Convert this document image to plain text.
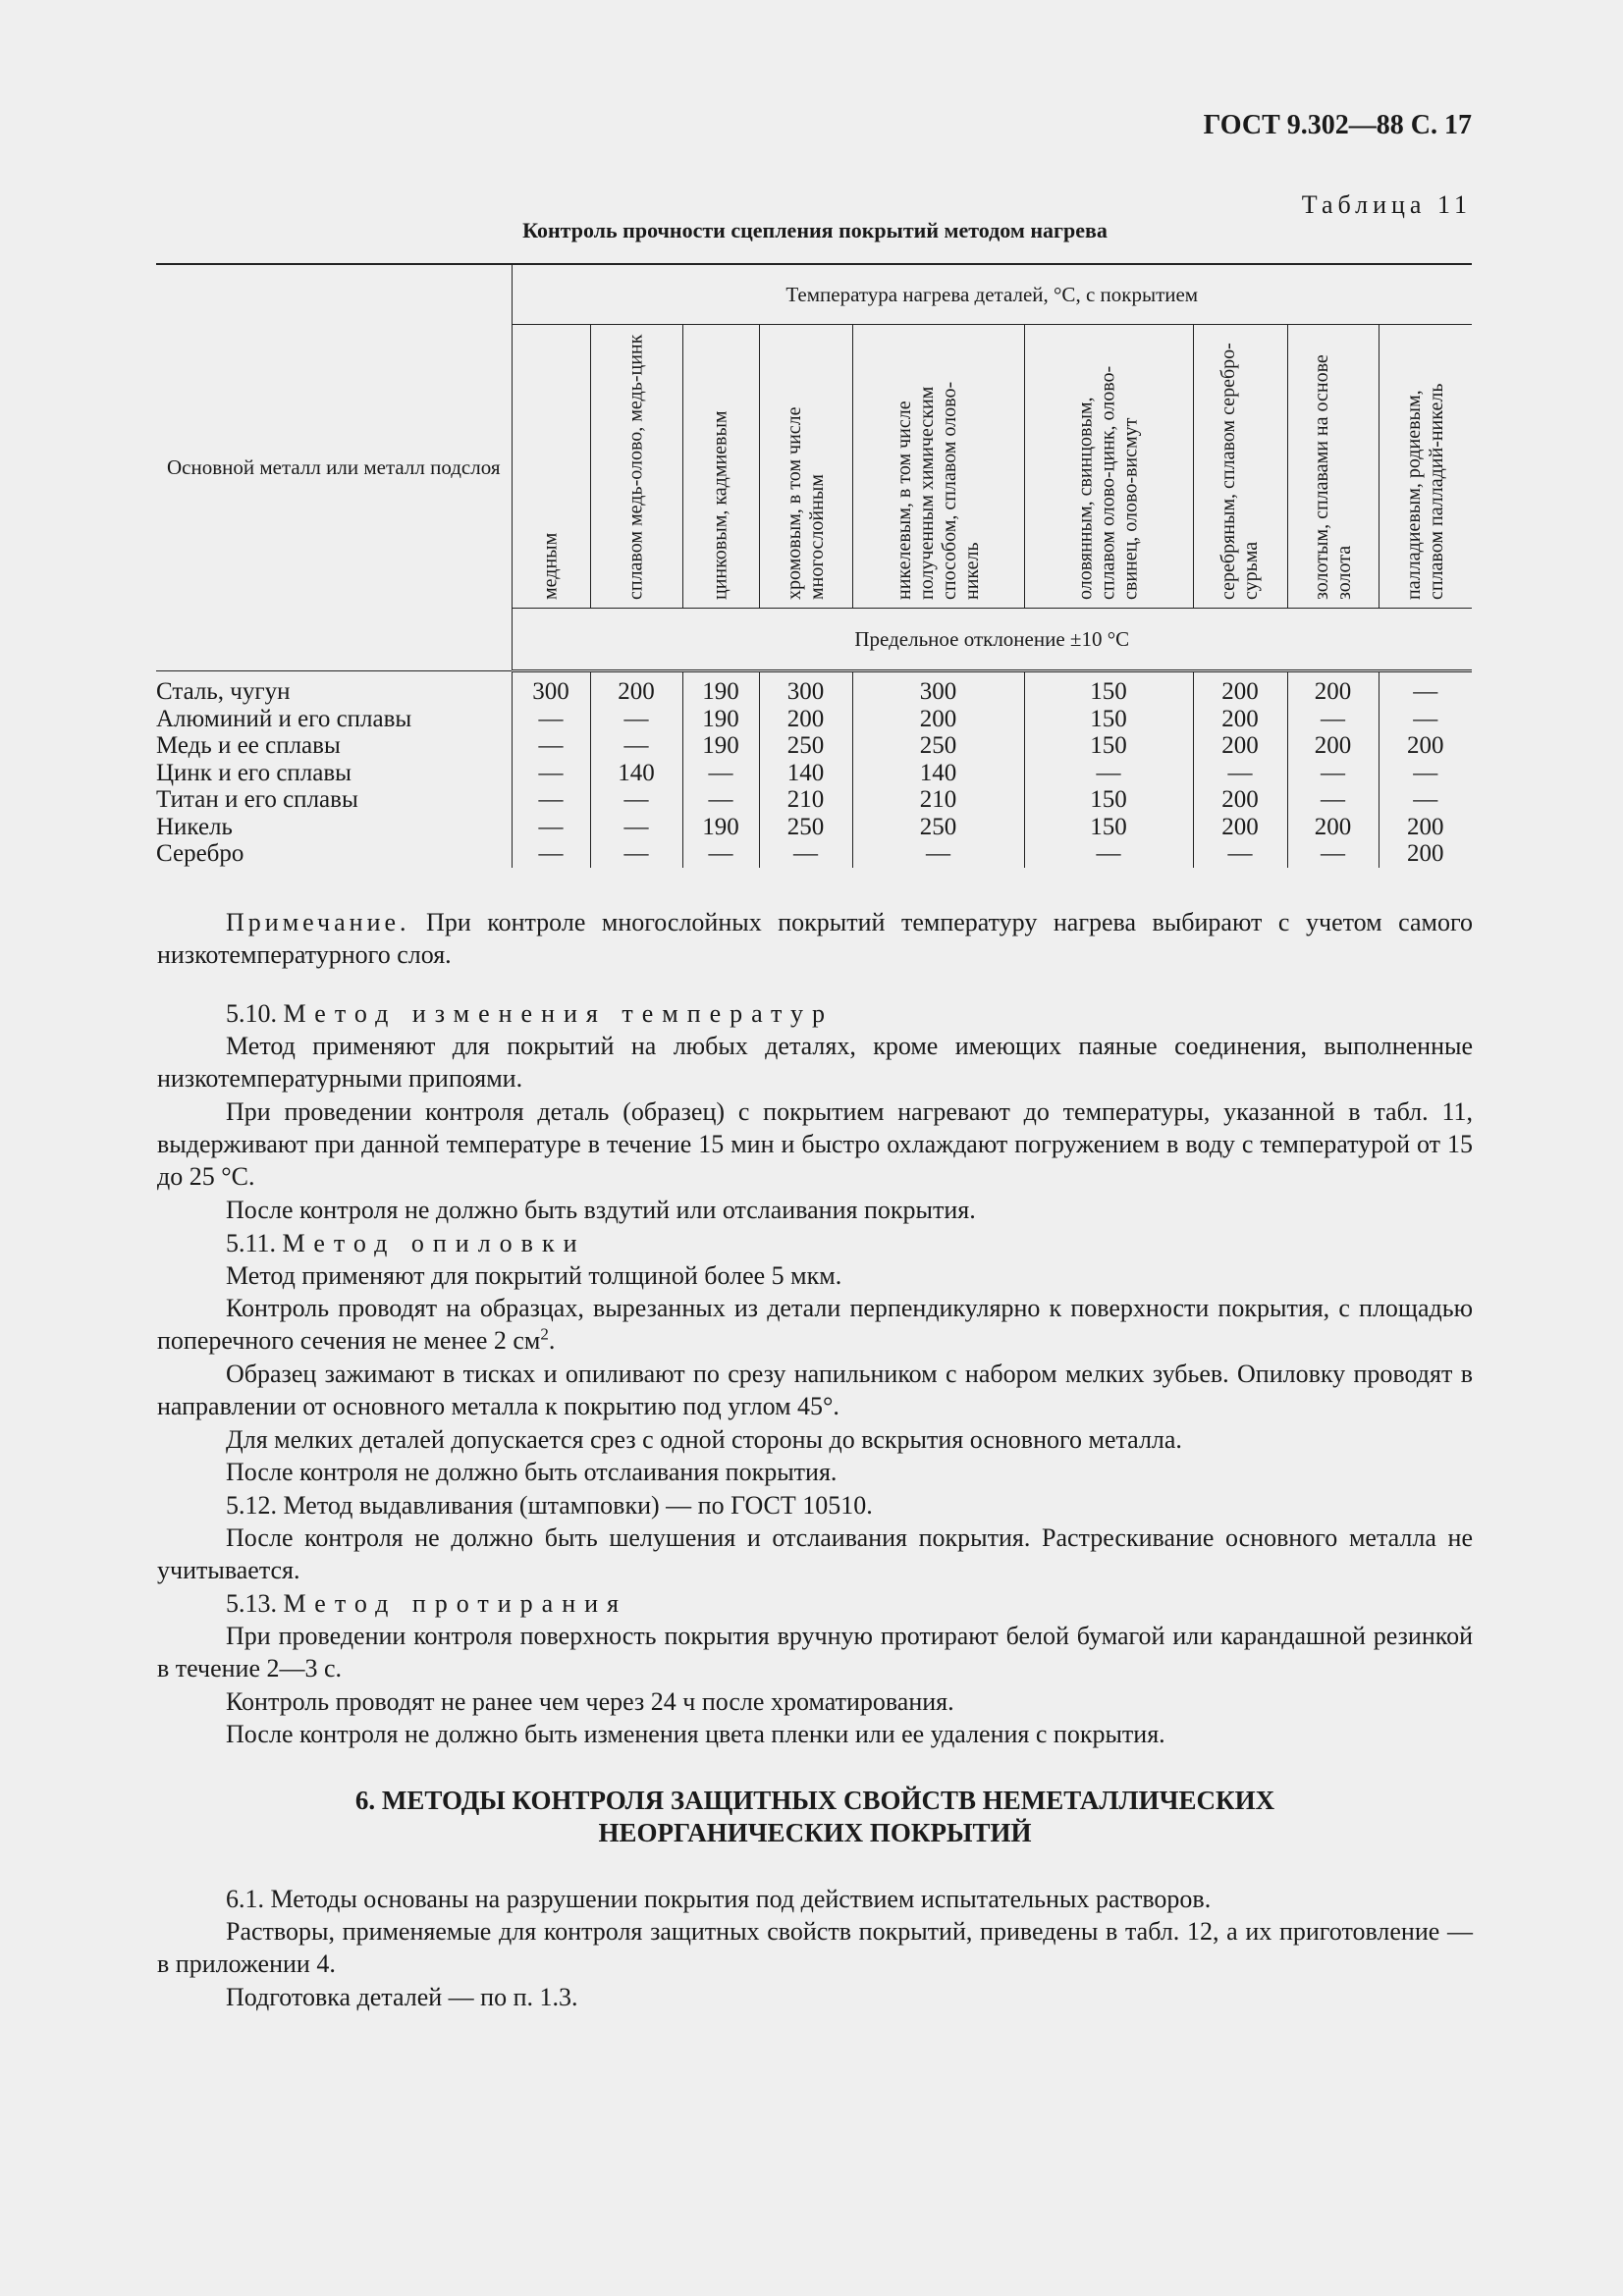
ГОСТ 9.302—88 С. 17
Таблица 11
Контроль прочности сцепления покрытий методом нагрева
Основной металл или металл подслоя	Температура нагрева деталей, °С, с покрытием								

	медным	сплавом медь-олово, медь-цинк	цинковым, кадмиевым	хромовым, в том числе многослойным	никелевым, в том числе полученным химическим способом, сплавом олово-никель	оловянным, свинцовым, сплавом олово-цинк, олово-свинец, олово-висмут	серебряным, сплавом серебро-сурьма	золотым, сплавами на основе золота	палладиевым, родиевым, сплавом палладий-никель

	Предельное отклонение ±10 °С								
Сталь, чугун	300	200	190	300	300	150	200	200	—
Алюминий и его сплавы	—	—	190	200	200	150	200	—	—
Медь и ее сплавы	—	—	190	250	250	150	200	200	200
Цинк и его сплавы	—	140	—	140	140	—	—	—	—
Титан и его сплавы	—	—	—	210	210	150	200	—	—
Никель	—	—	190	250	250	150	200	200	200
Серебро	—	—	—	—	—	—	—	—	200
Примечание. При контроле многослойных покрытий температуру нагрева выбирают с учетом самого низкотемпературного слоя.
5.10. Метод изменения температур
Метод применяют для покрытий на любых деталях, кроме имеющих паяные соединения, выполненные низкотемпературными припоями.
При проведении контроля деталь (образец) с покрытием нагревают до температуры, указанной в табл. 11, выдерживают при данной температуре в течение 15 мин и быстро охлаждают погружением в воду с температурой от 15 до 25 °С.
После контроля не должно быть вздутий или отслаивания покрытия.
5.11. Метод опиловки
Метод применяют для покрытий толщиной более 5 мкм.
Контроль проводят на образцах, вырезанных из детали перпендикулярно к поверхности покрытия, с площадью поперечного сечения не менее 2 $см^2$.
Образец зажимают в тисках и опиливают по срезу напильником с набором мелких зубьев. Опиловку проводят в направлении от основного металла к покрытию под углом 45°.
Для мелких деталей допускается срез с одной стороны до вскрытия основного металла.
После контроля не должно быть отслаивания покрытия.
5.12. Метод выдавливания (штамповки) — по ГОСТ 10510.
После контроля не должно быть шелушения и отслаивания покрытия. Растрескивание основного металла не учитывается.
5.13. Метод протирания
При проведении контроля поверхность покрытия вручную протирают белой бумагой или карандашной резинкой в течение 2—3 с.
Контроль проводят не ранее чем через 24 ч после хроматирования.
После контроля не должно быть изменения цвета пленки или ее удаления с покрытия.
6. МЕТОДЫ КОНТРОЛЯ ЗАЩИТНЫХ СВОЙСТВ НЕМЕТАЛЛИЧЕСКИХ
НЕОРГАНИЧЕСКИХ ПОКРЫТИЙ
6.1. Методы основаны на разрушении покрытия под действием испытательных растворов.
Растворы, применяемые для контроля защитных свойств покрытий, приведены в табл. 12, а их приготовление — в приложении 4.
Подготовка деталей — по п. 1.3.
